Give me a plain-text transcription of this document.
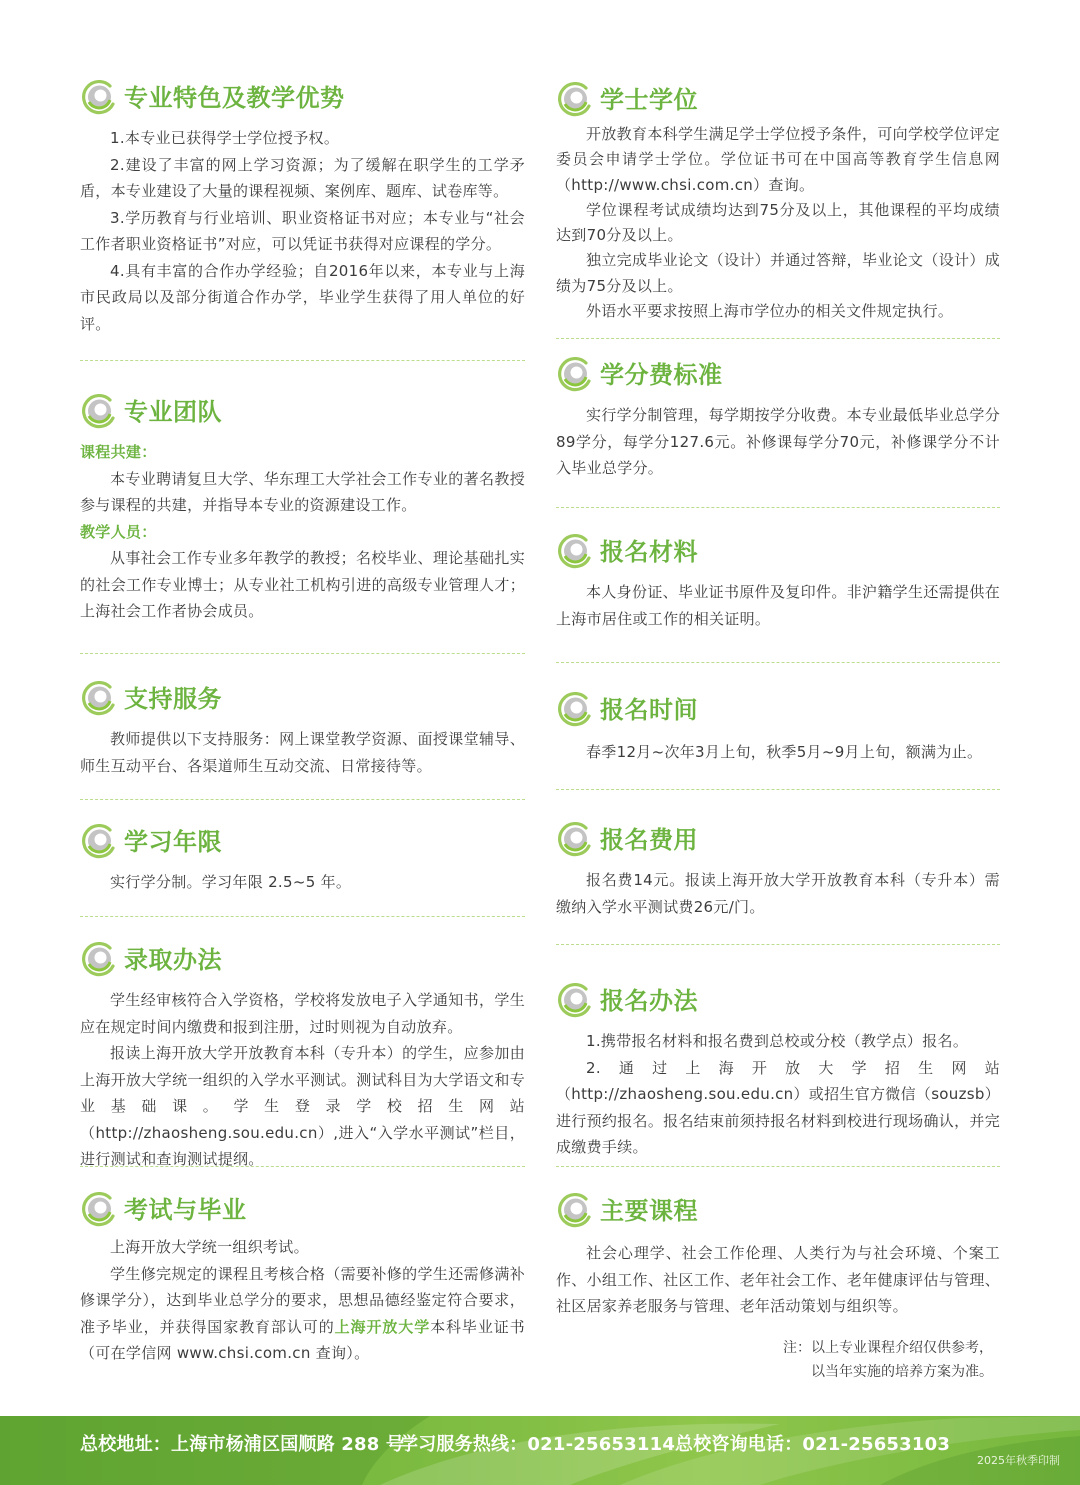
专业特色及教学优势

1.本专业已获得学士学位授予权。

2.建设了丰富的网上学习资源；为了缓解在职学生的工学矛盾，本专业建设了大量的课程视频、案例库、题库、试卷库等。

3.学历教育与行业培训、职业资格证书对应；本专业与“社会工作者职业资格证书”对应，可以凭证书获得对应课程的学分。

4.具有丰富的合作办学经验；自2016年以来，本专业与上海市民政局以及部分街道合作办学，毕业学生获得了用人单位的好评。

专业团队

课程共建：

本专业聘请复旦大学、华东理工大学社会工作专业的著名教授参与课程的共建，并指导本专业的资源建设工作。

教学人员：

从事社会工作专业多年教学的教授；名校毕业、理论基础扎实的社会工作专业博士；从专业社工机构引进的高级专业管理人才；上海社会工作者协会成员。

支持服务

教师提供以下支持服务：网上课堂教学资源、面授课堂辅导、师生互动平台、各渠道师生互动交流、日常接待等。

学习年限

实行学分制。学习年限 2.5~5 年。

录取办法

学生经审核符合入学资格，学校将发放电子入学通知书，学生应在规定时间内缴费和报到注册，过时则视为自动放弃。

报读上海开放大学开放教育本科（专升本）的学生，应参加由上海开放大学统一组织的入学水平测试。测试科目为大学语文和专业基础课。学生登录学校招生网站（http://zhaosheng.sou.edu.cn）,进入“入学水平测试”栏目，进行测试和查询测试提纲。

考试与毕业

上海开放大学统一组织考试。

学生修完规定的课程且考核合格（需要补修的学生还需修满补修课学分），达到毕业总学分的要求，思想品德经鉴定符合要求，准予毕业，并获得国家教育部认可的上海开放大学本科毕业证书（可在学信网 www.chsi.com.cn 查询）。

学士学位

开放教育本科学生满足学士学位授予条件，可向学校学位评定委员会申请学士学位。学位证书可在中国高等教育学生信息网（http://www.chsi.com.cn）查询。

学位课程考试成绩均达到75分及以上，其他课程的平均成绩达到70分及以上。

独立完成毕业论文（设计）并通过答辩，毕业论文（设计）成绩为75分及以上。

外语水平要求按照上海市学位办的相关文件规定执行。

学分费标准

实行学分制管理，每学期按学分收费。本专业最低毕业总学分89学分，每学分127.6元。补修课每学分70元，补修课学分不计入毕业总学分。

报名材料

本人身份证、毕业证书原件及复印件。非沪籍学生还需提供在上海市居住或工作的相关证明。

报名时间

春季12月~次年3月上旬，秋季5月~9月上旬，额满为止。

报名费用

报名费14元。报读上海开放大学开放教育本科（专升本）需缴纳入学水平测试费26元/门。

报名办法

1.携带报名材料和报名费到总校或分校（教学点）报名。

2.通过上海开放大学招生网站（http://zhaosheng.sou.edu.cn）或招生官方微信（souzsb）进行预约报名。报名结束前须持报名材料到校进行现场确认，并完成缴费手续。

主要课程

社会心理学、社会工作伦理、人类行为与社会环境、个案工作、小组工作、社区工作、老年社会工作、老年健康评估与管理、社区居家养老服务与管理、老年活动策划与组织等。

注：以上专业课程介绍仅供参考，
以当年实施的培养方案为准。
总校地址：上海市杨浦区国顺路 288 号
学习服务热线：021-25653114 总校咨询电话：021-25653103
2025年秋季印制
